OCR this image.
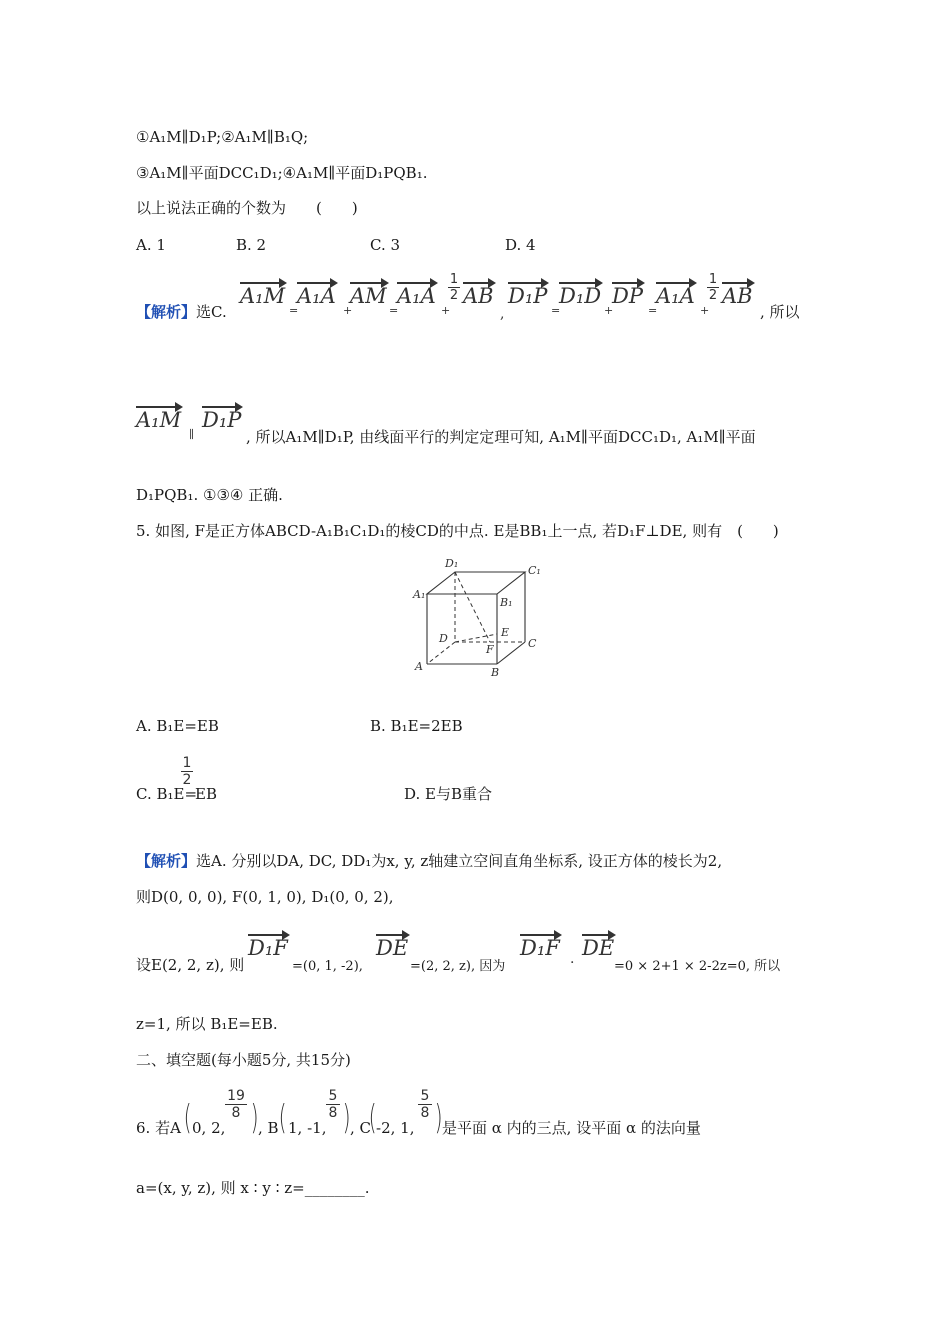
①A₁M∥D₁P;②A₁M∥B₁Q;
③A₁M∥平面DCC₁D₁;④A₁M∥平面D₁PQB₁.
以上说法正确的个数为　　(　　)
A. 1	B. 2	C. 3	D. 4
【解析】选C.
A₁M
=
A₁A
+
AM
=
A₁A
+
$\frac{1}{2}$ AB
,
D₁P
=
D₁D
+
DP
=
A₁A
+
$\frac{1}{2}$ AB
, 所以
A₁M
∥
D₁P
, 所以A₁M∥D₁P, 由线面平行的判定定理可知, A₁M∥平面DCC₁D₁, A₁M∥平面
D₁PQB₁. ①③④ 正确.
5. 如图, F是正方体ABCD-A₁B₁C₁D₁的棱CD的中点. E是BB₁上一点, 若D₁F⊥DE, 则有　(　　)
D₁
C₁
A₁
B₁
D	E
C
F
A	B
A. B₁E=EB	B. B₁E=2EB
C. B₁E=
$\frac{1}{2}$
EB	D. E与B重合
【解析】选A. 分别以DA, DC, DD₁为x, y, z轴建立空间直角坐标系, 设正方体的棱长为2,
则D(0, 0, 0), F(0, 1, 0), D₁(0, 0, 2),
设E(2, 2, z), 则
D₁F
=(0, 1, -2),
DE
=(2, 2, z), 因为
D₁F
·
DE
=0 × 2+1 × 2-2z=0, 所以
z=1, 所以 B₁E=EB.
二、填空题(每小题5分, 共15分)
6. 若A ( 0, 2,
$\frac{19}{8}$ ) , B ( 1, -1,
$\frac{5}{8}$ ) , C
( -2, 1,
$\frac{5}{8}$ ) 是平面 α 内的三点, 设平面 α 的法向量
a=(x, y, z), 则 x ∶ y ∶ z=________.
